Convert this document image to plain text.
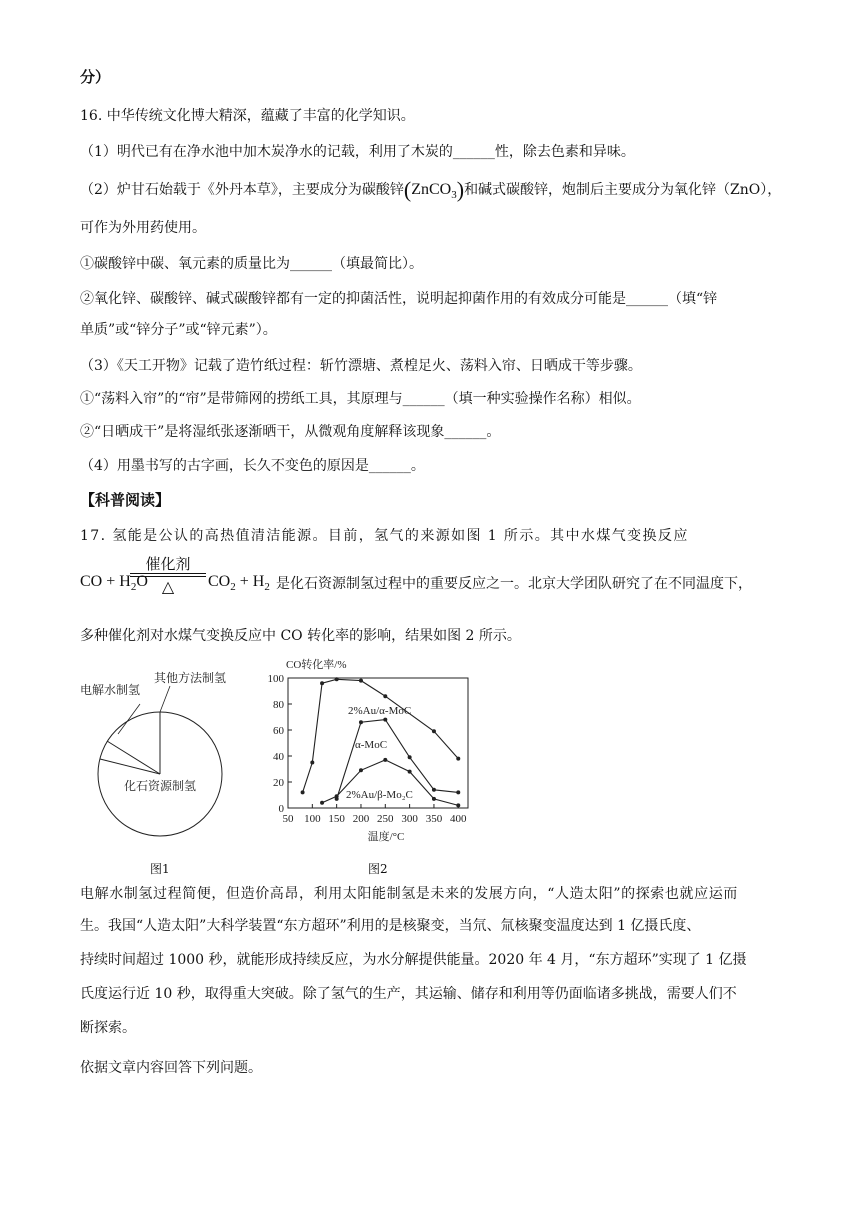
分）
16. 中华传统文化博大精深，蕴藏了丰富的化学知识。
（1）明代已有在净水池中加木炭净水的记载，利用了木炭的______性，除去色素和异味。
（2）炉甘石始载于《外丹本草》，主要成分为碳酸锌(ZnCO$_3$)和碱式碳酸锌，炮制后主要成分为氧化锌（ZnO），
可作为外用药使用。
①碳酸锌中碳、氧元素的质量比为______（填最简比）。
②氧化锌、碳酸锌、碱式碳酸锌都有一定的抑菌活性，说明起抑菌作用的有效成分可能是______（填“锌
单质”或“锌分子”或“锌元素”）。
（3）《天工开物》记载了造竹纸过程：斩竹漂塘、煮楻足火、荡料入帘、日晒成干等步骤。
①“荡料入帘”的“帘”是带筛网的捞纸工具，其原理与______（填一种实验操作名称）相似。
②“日晒成干”是将湿纸张逐渐晒干，从微观角度解释该现象______。
（4）用墨书写的古字画，长久不变色的原因是______。
【科普阅读】
17. 氢能是公认的高热值清洁能源。目前，氢气的来源如图 1 所示。其中水煤气变换反应
CO + $H_2O$
催化剂
△	$CO_2 + H_2$ 是化石资源制氢过程中的重要反应之一。北京大学团队研究了在不同温度下，
多种催化剂对水煤气变换反应中 CO 转化率的影响，结果如图 2 所示。
电解水制氢
其他方法制氢
化石资源制氢
图1
0
20
40
60
80
100
50 100 150 200 250 300 350 400
CO转化率/%
温度/°C
2%Au/α-MoC
α-MoC
2%Au/β-Mo₂C
图2
电解水制氢过程简便，但造价高昂，利用太阳能制氢是未来的发展方向，“人造太阳”的探索也就应运而
生。我国“人造太阳”大科学装置“东方超环”利用的是核聚变，当氘、氚核聚变温度达到 1 亿摄氏度、
持续时间超过 1000 秒，就能形成持续反应，为水分解提供能量。2020 年 4 月，“东方超环”实现了 1 亿摄
氏度运行近 10 秒，取得重大突破。除了氢气的生产，其运输、储存和利用等仍面临诸多挑战，需要人们不
断探索。
依据文章内容回答下列问题。
